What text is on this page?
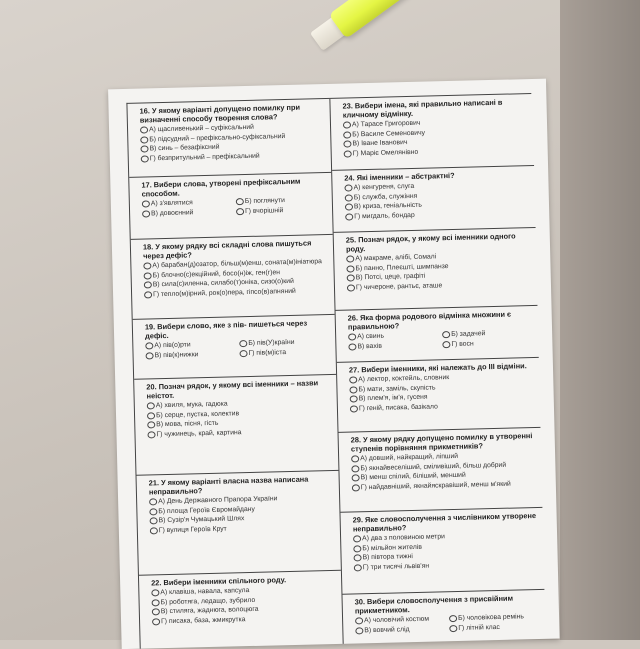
16. У якому варіанті допущено помилку при визначенні способу творення слова?
А) щасливенький – суфіксальний
Б) підсудний – префіксально-суфіксальний
В) синь – безафіксний
Г) безпритульний – префіксальний
17. Вибери слова, утворені префіксальним способом.
А) з'являтися	Б) поглянути
В) довоєнний	Г) вчорішній
18. У якому рядку всі складні слова пишуться через дефіс?
А) барабан(д)озатор, більш(м)енш, соната(м)ініатюра
Б) блочно(с)екційний, босо(н)іж, ген(г)ен
В) сила(с)иленна, силабо(т)оніка, сизо(о)кий
Г) тепло(м)ірний, рок(о)пера, гіпсо(в)апняний
19. Вибери слово, яке з пів- пишеться через дефіс.
А) пів(о)рти	Б) пів(У)країни
В) пів(к)нижки	Г) пів(м)іста
20. Познач рядок, у якому всі іменники – назви неістот.
А) хвиля, мука, гадюка
Б) серце, пустка, колектив
В) мова, пісня, гість
Г) чужинець, край, картина
21. У якому варіанті власна назва написана неправильно?
А) День Державного Прапора України
Б) площа Героїв Євромайдану
В) Сузір'я Чумацький Шлях
Г) вулиця Героїв Крут
22. Вибери іменники спільного роду.
А) клавіша, навала, капсула
Б) роботяга, ледащо, зубрило
В) стиляга, жаднюга, волоцюга
Г) писака, база, жмикрутка
23. Вибери імена, які правильно написані в кличному відмінку.
А) Тарасе Григорович
Б) Василе Семеновичу
В) Іване Іванович
Г) Маріє Омелянівно
24. Які іменники – абстрактні?
А) кенгуреня, слуга
Б) служба, служіння
В) криза, геніальність
Г) мигдаль, бондар
25. Познач рядок, у якому всі іменники одного роду.
А) макраме, алібі, Сомалі
Б) панно, Плеєшті, шимпанзе
В) Потсі, цеце, графіті
Г) чичероне, рантьє, аташе
26. Яка форма родового відмінка множини є правильною?
А) свинь	Б) задачей
В) вахів	Г) восн
27. Вибери іменники, які належать до ІІІ відміни.
А) лектор, коктейль, словник
Б) мати, заміль, скупість
В) плем'я, ім'я, гусеня
Г) геній, писака, базікало
28. У якому рядку допущено помилку в утворенні ступенів порівняння прикметників?
А) довший, найкращий, ліпший
Б) якнайвеселіший, сміливіший, більш добрий
В) менш спілий, біліший, менший
Г) найдавніший, якнайяскравіший, менш м'який
29. Яке словосполучення з числівником утворене неправильно?
А) два з половиною метри
Б) мільйон жителів
В) півтора тижні
Г) три тисячі львів'ян
30. Вибери словосполучення з присвійним прикметником.
А) чоловічий костюм	Б) чоловікова ремінь
В) вовчий слід	Г) літній клас
